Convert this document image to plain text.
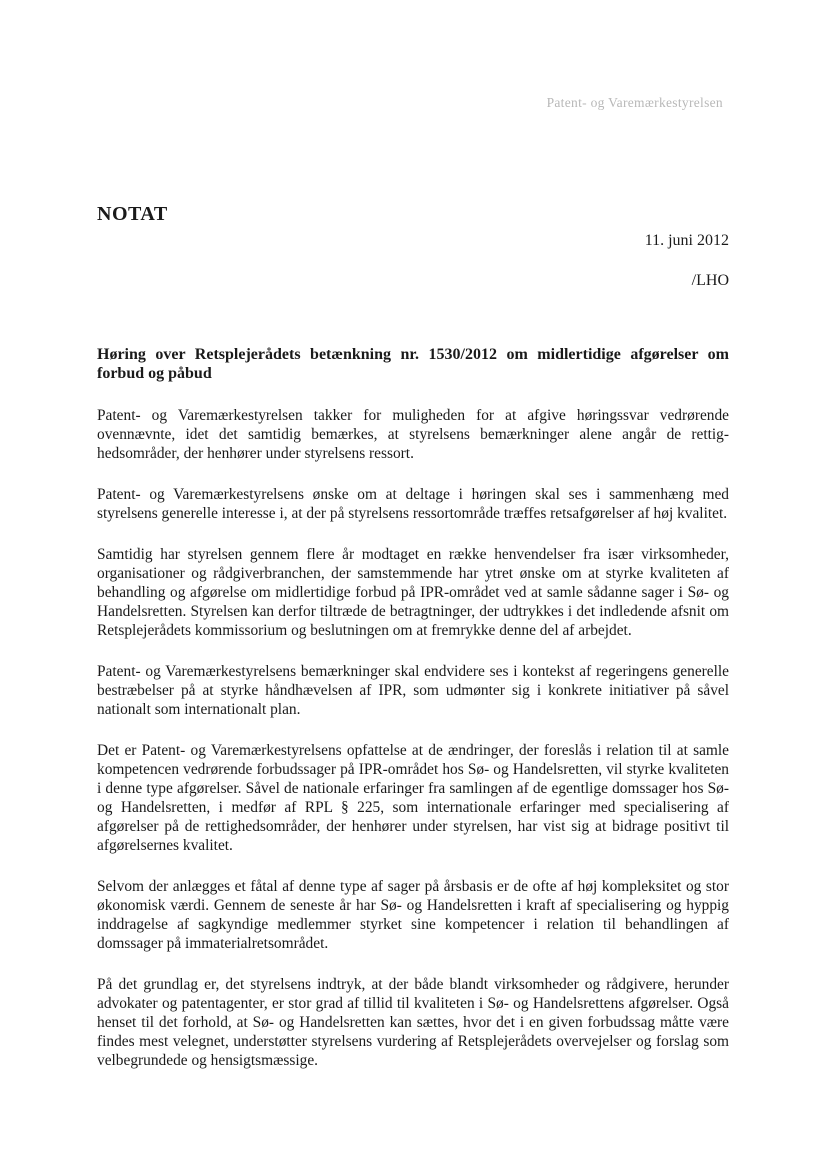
Patent- og Varemærkestyrelsen
NOTAT
11. juni 2012
/LHO
Høring over Retsplejerådets betænkning nr. 1530/2012 om midlertidige afgørelser om forbud og påbud

Patent- og Varemærkestyrelsen takker for muligheden for at afgive høringssvar vedrørende ovennævnte, idet det samtidig bemærkes, at styrelsens bemærkninger alene angår de rettighedsområder, der henhører under styrelsens ressort.

Patent- og Varemærkestyrelsens ønske om at deltage i høringen skal ses i sammenhæng med styrelsens generelle interesse i, at der på styrelsens ressortområde træffes retsafgørelser af høj kvalitet.

Samtidig har styrelsen gennem flere år modtaget en række henvendelser fra især virksomheder, organisationer og rådgiverbranchen, der samstemmende har ytret ønske om at styrke kvaliteten af behandling og afgørelse om midlertidige forbud på IPR-området ved at samle sådanne sager i Sø- og Handelsretten. Styrelsen kan derfor tiltræde de betragtninger, der udtrykkes i det indledende afsnit om Retsplejerådets kommissorium og beslutningen om at fremrykke denne del af arbejdet.

Patent- og Varemærkestyrelsens bemærkninger skal endvidere ses i kontekst af regeringens generelle bestræbelser på at styrke håndhævelsen af IPR, som udmønter sig i konkrete initiativer på såvel nationalt som internationalt plan.

Det er Patent- og Varemærkestyrelsens opfattelse at de ændringer, der foreslås i relation til at samle kompetencen vedrørende forbudssager på IPR-området hos Sø- og Handelsretten, vil styrke kvaliteten i denne type afgørelser. Såvel de nationale erfaringer fra samlingen af de egentlige domssager hos Sø- og Handelsretten, i medfør af RPL § 225, som internationale erfaringer med specialisering af afgørelser på de rettighedsområder, der henhører under styrelsen, har vist sig at bidrage positivt til afgørelsernes kvalitet.

Selvom der anlægges et fåtal af denne type af sager på årsbasis er de ofte af høj kompleksitet og stor økonomisk værdi. Gennem de seneste år har Sø- og Handelsretten i kraft af specialisering og hyppig inddragelse af sagkyndige medlemmer styrket sine kompetencer i relation til behandlingen af domssager på immaterialretsområdet.

På det grundlag er, det styrelsens indtryk, at der både blandt virksomheder og rådgivere, herunder advokater og patentagenter, er stor grad af tillid til kvaliteten i Sø- og Handelsrettens afgørelser. Også henset til det forhold, at Sø- og Handelsretten kan sættes, hvor det i en given forbudssag måtte være findes mest velegnet, understøtter styrelsens vurdering af Retsplejerådets overvejelser og forslag som velbegrundede og hensigtsmæssige.
